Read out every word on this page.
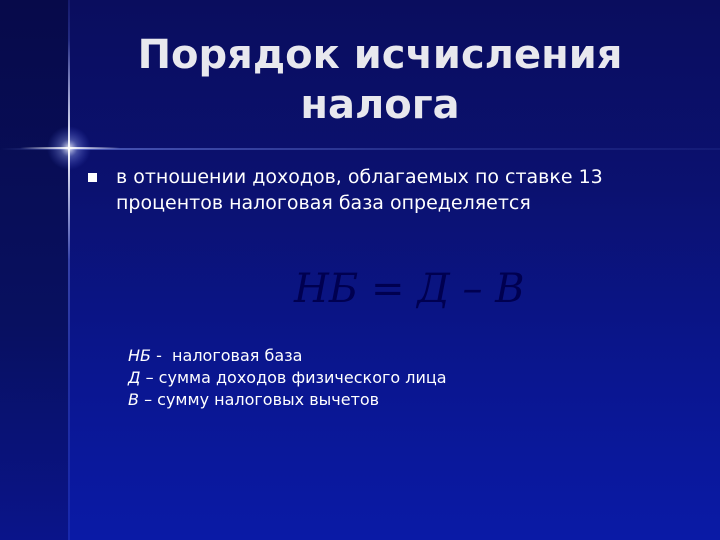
Порядок исчисления
налога
в отношении доходов, облагаемых по ставке 13
процентов налоговая база определяется
НБ = Д – В
НБ -  налоговая база
Д – сумма доходов физического лица
В – сумму налоговых вычетов
